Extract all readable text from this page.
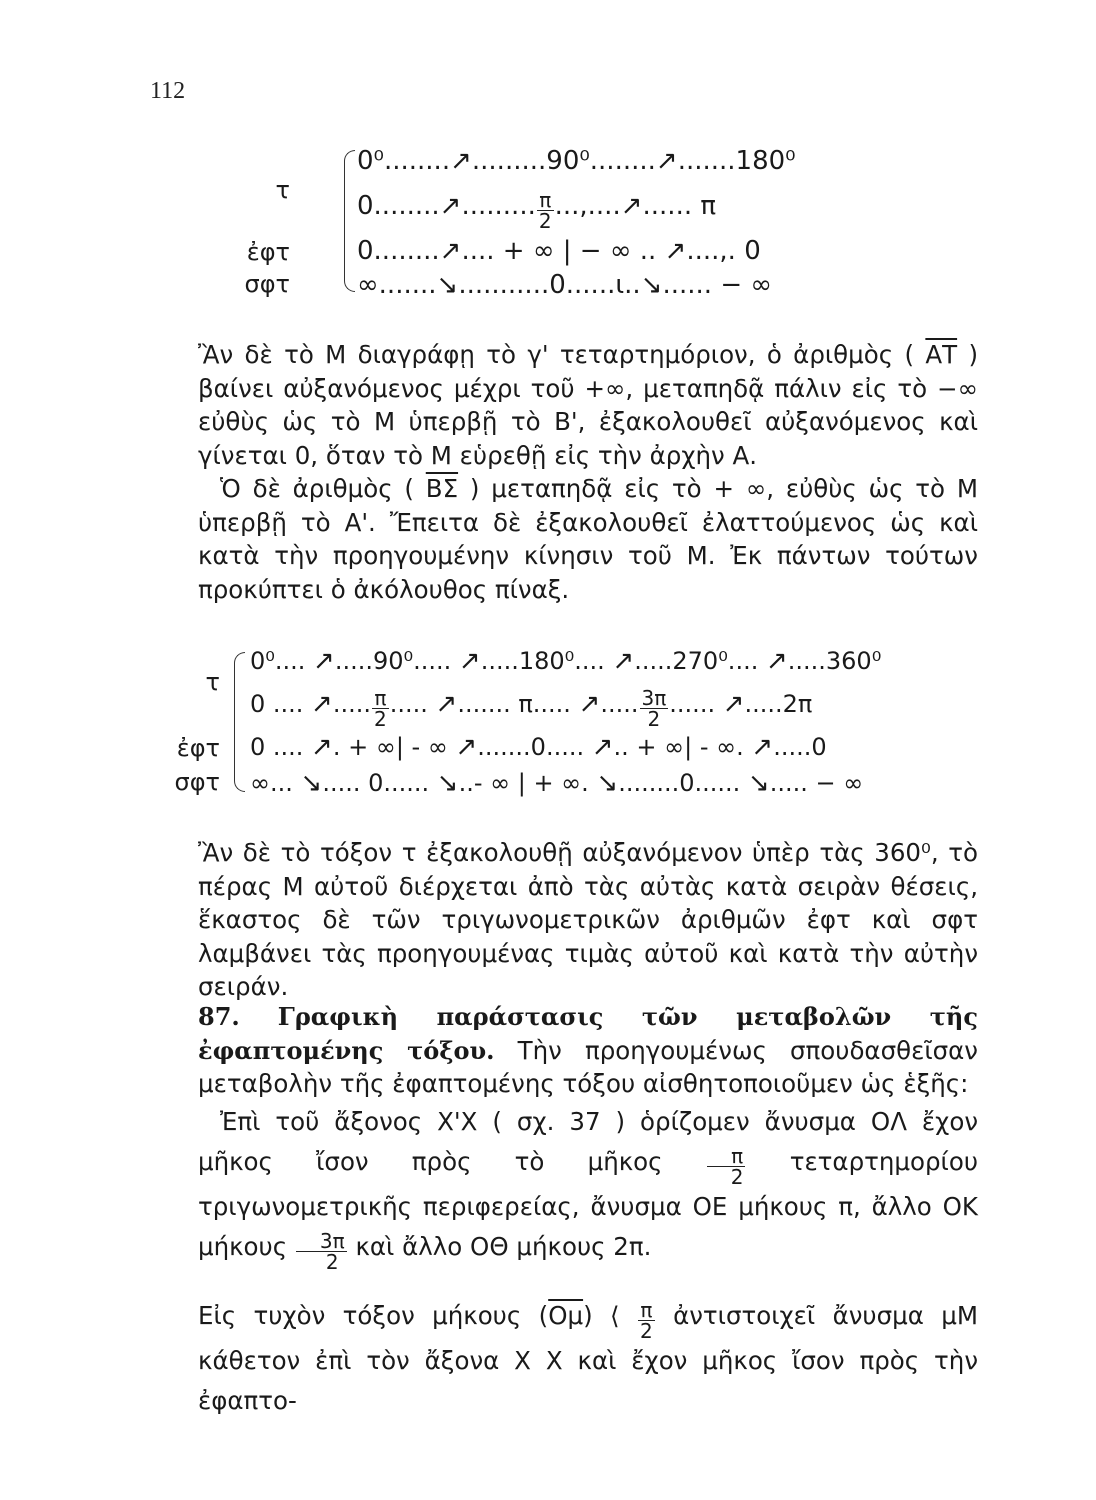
112
τ
ἐφτ
σφτ
0⁰........↗.........90⁰........↗.......180⁰
0........↗......... $\frac{\pi}{2}$ ...,....↗...... π
0........↗.... + ∞ | − ∞ .. ↗....,. 0
∞.......↘...........0......ι..↘...... − ∞
Ἂν δὲ τὸ Μ διαγράφῃ τὸ γ' τεταρτημόριον, ὁ ἀριθμὸς ( $\overline{AT}$ ) βαίνει αὐξανόμενος μέχρι τοῦ +∞, μεταπηδᾷ πάλιν εἰς τὸ −∞ εὐθὺς ὡς τὸ Μ ὑπερβῇ τὸ Β', ἐξακολουθεῖ αὐξανόμενος καὶ γίνεται 0, ὅταν τὸ Μ εὑρεθῇ εἰς τὴν ἀρχὴν Α.
Ὁ δὲ ἀριθμὸς ( $\overline{B\Sigma}$ ) μεταπηδᾷ εἰς τὸ + ∞, εὐθὺς ὡς τὸ Μ ὑπερβῇ τὸ Α'. Ἔπειτα δὲ ἐξακολουθεῖ ἐλαττούμενος ὡς καὶ κατὰ τὴν προηγουμένην κίνησιν τοῦ Μ. Ἐκ πάντων τούτων προκύπτει ὁ ἀκόλουθος πίναξ.
τ
ἐφτ
σφτ
0⁰.... ↗.....90⁰..... ↗.....180⁰.... ↗.....270⁰.... ↗.....360⁰
0 .... ↗..... $\frac{\pi}{2}$ ..... ↗....... π..... ↗..... $\frac{3\pi}{2}$ ...... ↗.....2π
0 .... ↗. + ∞| - ∞ ↗.......0..... ↗.. + ∞| - ∞. ↗.....0
∞... ↘..... 0...... ↘..- ∞ | + ∞. ↘........0...... ↘..... − ∞
Ἂν δὲ τὸ τόξον τ ἐξακολουθῇ αὐξανόμενον ὑπὲρ τὰς 360⁰, τὸ πέρας Μ αὐτοῦ διέρχεται ἀπὸ τὰς αὐτὰς κατὰ σειρὰν θέσεις, ἕκαστος δὲ τῶν τριγωνομετρικῶν ἀριθμῶν ἐφτ καὶ σφτ λαμβάνει τὰς προηγουμένας τιμὰς αὐτοῦ καὶ κατὰ τὴν αὐτὴν σειράν.
87. Γραφικὴ παράστασις τῶν μεταβολῶν τῆς ἐφαπτομένης τόξου. Τὴν προηγουμένως σπουδασθεῖσαν μεταβολὴν τῆς ἐφαπτομένης τόξου αἰσθητοποιοῦμεν ὡς ἑξῆς:
Ἐπὶ τοῦ ἄξονος Χ'Χ ( σχ. 37 ) ὁρίζομεν ἄνυσμα ΟΛ ἔχον μῆκος ἴσον πρὸς τὸ μῆκος $\frac{\pi}{2}$ τεταρτημορίου τριγωνομετρικῆς περιφερείας, ἄνυσμα ΟΕ μήκους π, ἄλλο ΟΚ μήκους $\frac{3\pi}{2}$ καὶ ἄλλο ΟΘ μήκους 2π.
Εἰς τυχὸν τόξον μήκους $(\overline{O\mu})$ ⟨ $\frac{\pi}{2}$ ἀντιστοιχεῖ ἄνυσμα μΜ κάθετον ἐπὶ τὸν ἄξονα Χ Χ καὶ ἔχον μῆκος ἴσον πρὸς τὴν ἐφαπτο-
